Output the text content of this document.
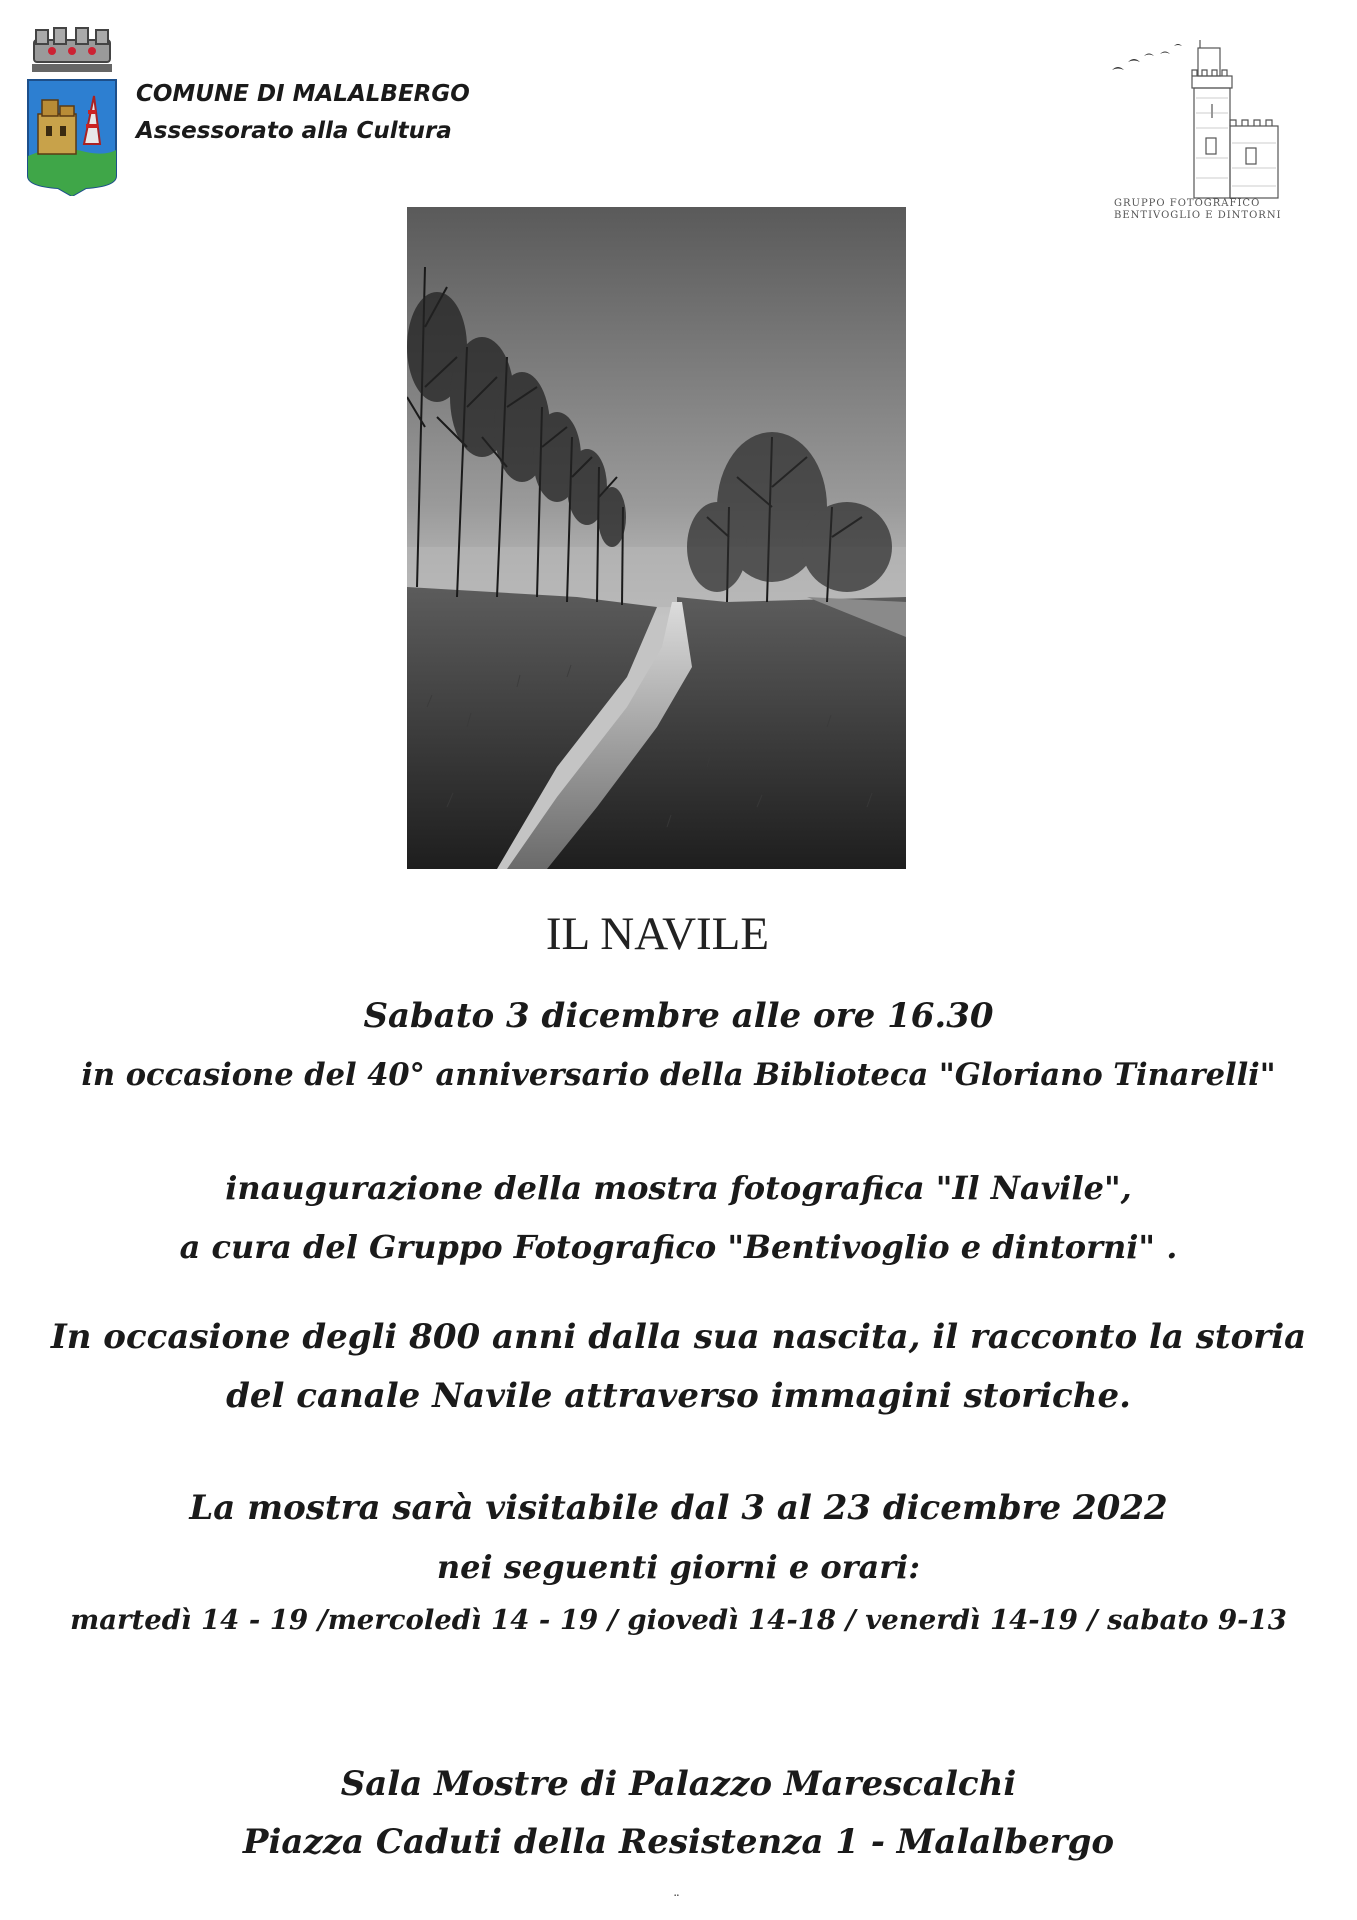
COMUNE DI MALALBERGO
Assessorato alla Cultura
GRUPPO FOTOGRAFICO
BENTIVOGLIO E DINTORNI
IL NAVILE
Sabato 3 dicembre alle ore 16.30
in occasione del 40° anniversario della Biblioteca "Gloriano Tinarelli"
inaugurazione della mostra fotografica "Il Navile",
a cura del Gruppo Fotografico "Bentivoglio e dintorni" .
In occasione degli 800 anni dalla sua nascita, il racconto la storia
del canale Navile attraverso immagini storiche.
La mostra sarà visitabile dal 3 al 23 dicembre 2022
nei seguenti giorni e orari:
martedì 14 - 19 /mercoledì 14 - 19 / giovedì 14-18 / venerdì 14-19 / sabato 9-13
Sala Mostre di Palazzo Marescalchi
Piazza Caduti della Resistenza 1 - Malalbergo
¨
